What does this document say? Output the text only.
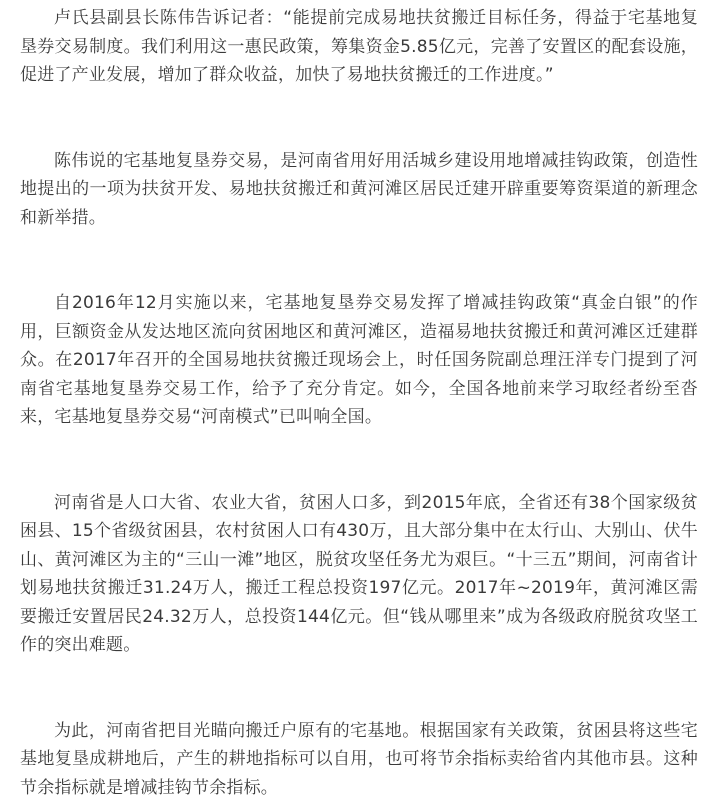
卢氏县副县长陈伟告诉记者：“能提前完成易地扶贫搬迁目标任务，得益于宅基地复垦券交易制度。我们利用这一惠民政策，筹集资金5.85亿元，完善了安置区的配套设施，促进了产业发展，增加了群众收益，加快了易地扶贫搬迁的工作进度。”

陈伟说的宅基地复垦券交易，是河南省用好用活城乡建设用地增减挂钩政策，创造性地提出的一项为扶贫开发、易地扶贫搬迁和黄河滩区居民迁建开辟重要筹资渠道的新理念和新举措。

自2016年12月实施以来，宅基地复垦券交易发挥了增减挂钩政策“真金白银”的作用，巨额资金从发达地区流向贫困地区和黄河滩区，造福易地扶贫搬迁和黄河滩区迁建群众。在2017年召开的全国易地扶贫搬迁现场会上，时任国务院副总理汪洋专门提到了河南省宅基地复垦券交易工作，给予了充分肯定。如今，全国各地前来学习取经者纷至沓来，宅基地复垦券交易“河南模式”已叫响全国。

河南省是人口大省、农业大省，贫困人口多，到2015年底，全省还有38个国家级贫困县、15个省级贫困县，农村贫困人口有430万，且大部分集中在太行山、大别山、伏牛山、黄河滩区为主的“三山一滩”地区，脱贫攻坚任务尤为艰巨。“十三五”期间，河南省计划易地扶贫搬迁31.24万人，搬迁工程总投资197亿元。2017年~2019年，黄河滩区需要搬迁安置居民24.32万人，总投资144亿元。但“钱从哪里来”成为各级政府脱贫攻坚工作的突出难题。

为此，河南省把目光瞄向搬迁户原有的宅基地。根据国家有关政策，贫困县将这些宅基地复垦成耕地后，产生的耕地指标可以自用，也可将节余指标卖给省内其他市县。这种节余指标就是增减挂钩节余指标。
